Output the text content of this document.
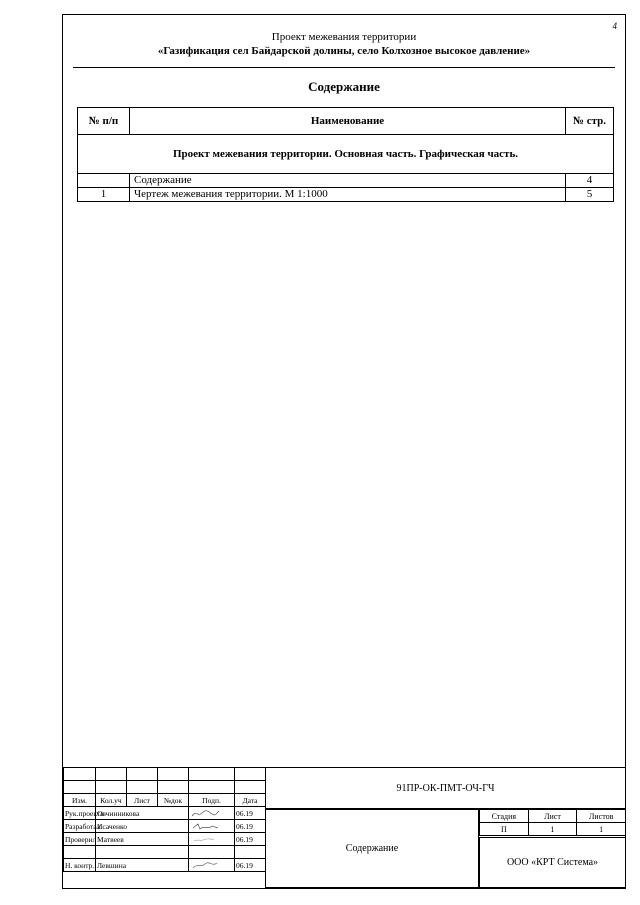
4
Проект межевания территории
«Газификация сел Байдарской долины, село Колхозное высокое давление»
Содержание
№ п/п	Наименование	№ стр.
Проект межевания территории. Основная часть. Графическая часть.		
	Содержание	4
1	Чертеж межевания территории. М 1:1000	5

Изм.	Кол.уч	Лист	№док	Подп.	Дата
Рук.проекта	Овчинникова				06.19
Разработал	Исаченко				06.19
Проверил	Матвеев				06.19

Н. контр.	Левшина				06.19
91ПР-ОК-ПМТ-ОЧ-ГЧ
Содержание
Стадия	Лист	Листов
П	1	1
ООО «КРТ Система»
